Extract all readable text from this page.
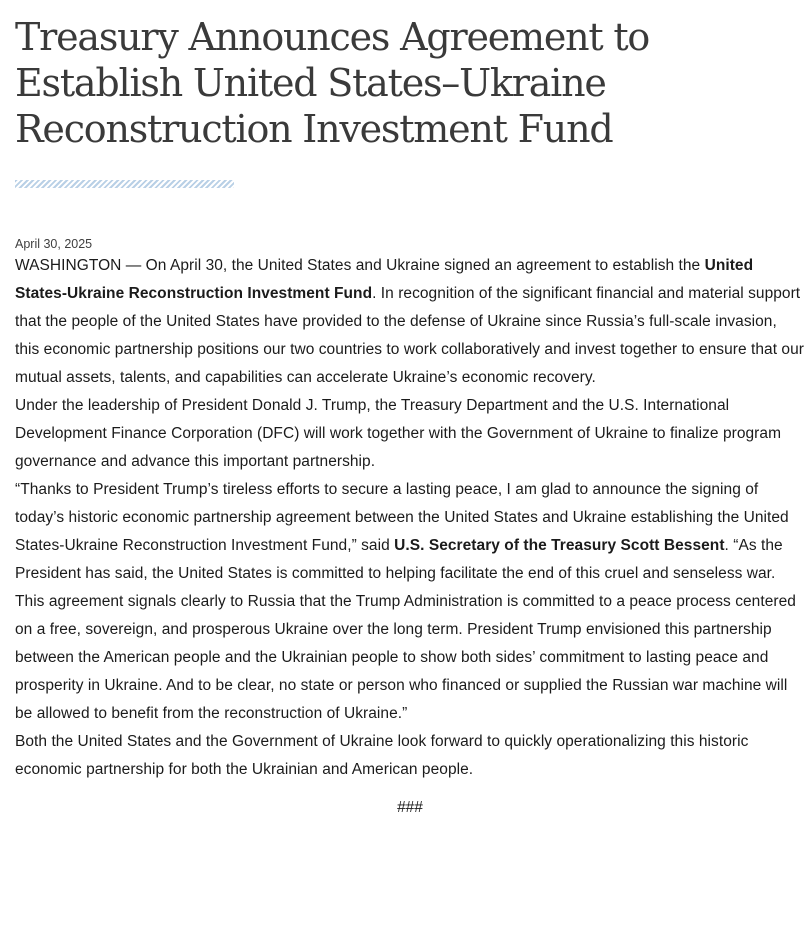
Treasury Announces Agreement to Establish United States–Ukraine Reconstruction Investment Fund
April 30, 2025

WASHINGTON — On April 30, the United States and Ukraine signed an agreement to establish the United States-Ukraine Reconstruction Investment Fund. In recognition of the significant financial and material support that the people of the United States have provided to the defense of Ukraine since Russia’s full-scale invasion, this economic partnership positions our two countries to work collaboratively and invest together to ensure that our mutual assets, talents, and capabilities can accelerate Ukraine’s economic recovery.

Under the leadership of President Donald J. Trump, the Treasury Department and the U.S. International Development Finance Corporation (DFC) will work together with the Government of Ukraine to finalize program governance and advance this important partnership.

“Thanks to President Trump’s tireless efforts to secure a lasting peace, I am glad to announce the signing of today’s historic economic partnership agreement between the United States and Ukraine establishing the United States-Ukraine Reconstruction Investment Fund,” said U.S. Secretary of the Treasury Scott Bessent. “As the President has said, the United States is committed to helping facilitate the end of this cruel and senseless war. This agreement signals clearly to Russia that the Trump Administration is committed to a peace process centered on a free, sovereign, and prosperous Ukraine over the long term. President Trump envisioned this partnership between the American people and the Ukrainian people to show both sides’ commitment to lasting peace and prosperity in Ukraine. And to be clear, no state or person who financed or supplied the Russian war machine will be allowed to benefit from the reconstruction of Ukraine.”

Both the United States and the Government of Ukraine look forward to quickly operationalizing this historic economic partnership for both the Ukrainian and American people.

###
